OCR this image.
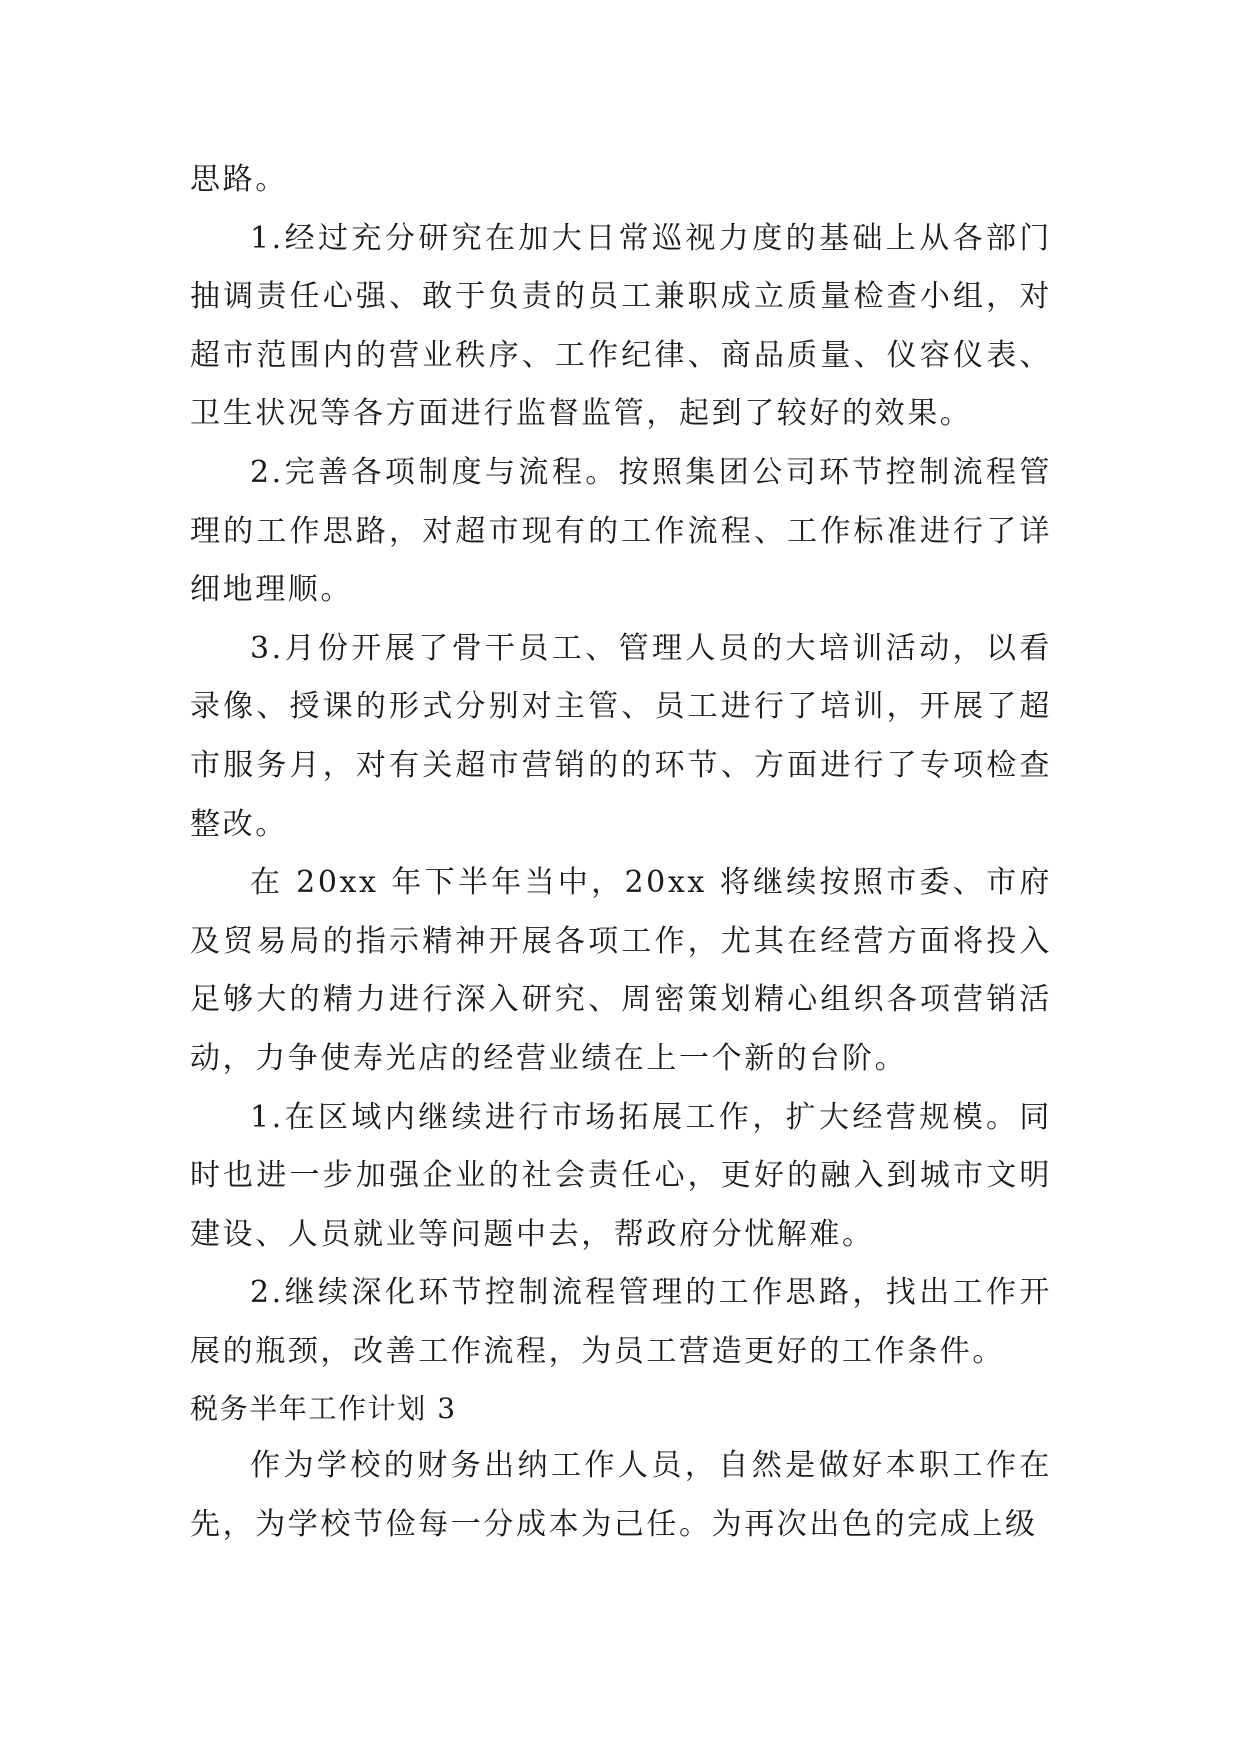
思路。

1.经过充分研究在加大日常巡视力度的基础上从各部门抽调责任心强、敢于负责的员工兼职成立质量检查小组，对超市范围内的营业秩序、工作纪律、商品质量、仪容仪表、卫生状况等各方面进行监督监管，起到了较好的效果。

2.完善各项制度与流程。按照集团公司环节控制流程管理的工作思路，对超市现有的工作流程、工作标准进行了详细地理顺。

3.月份开展了骨干员工、管理人员的大培训活动，以看录像、授课的形式分别对主管、员工进行了培训，开展了超市服务月，对有关超市营销的的环节、方面进行了专项检查整改。

在 20xx 年下半年当中，20xx 将继续按照市委、市府及贸易局的指示精神开展各项工作，尤其在经营方面将投入足够大的精力进行深入研究、周密策划精心组织各项营销活动，力争使寿光店的经营业绩在上一个新的台阶。

1.在区域内继续进行市场拓展工作，扩大经营规模。同时也进一步加强企业的社会责任心，更好的融入到城市文明建设、人员就业等问题中去，帮政府分忧解难。

2.继续深化环节控制流程管理的工作思路，找出工作开展的瓶颈，改善工作流程，为员工营造更好的工作条件。

税务半年工作计划 3

作为学校的财务出纳工作人员，自然是做好本职工作在先，为学校节俭每一分成本为己任。为再次出色的完成上级
